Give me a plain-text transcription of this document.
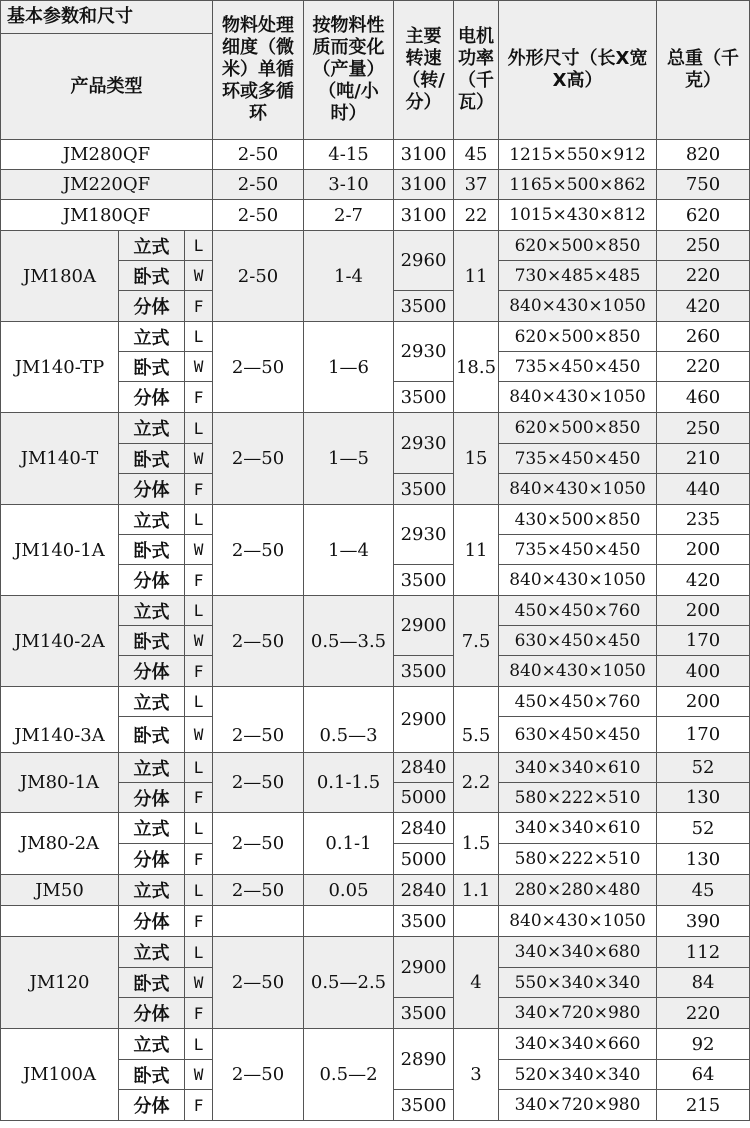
基本参数和尺寸			物料处理细度（微米）单循环或多循环	按物料性质而变化（产量）（吨/小时）	主要转速（转/分）	电机功率（千瓦）	外形尺寸（长X宽X高）	总重（千克）
产品类型								
JM280QF			2-50	4-15	3100	45	1215×550×912	820
JM220QF			2-50	3-10	3100	37	1165×500×862	750
JM180QF			2-50	2-7	3100	22	1015×430×812	620
JM180A	立式	L	2-50	1-4	2960	11	620×500×850	250
	卧式	W					730×485×485	220
	分体	F			3500		840×430×1050	420
JM140-TP	立式	L	2—50	1—6	2930	18.5	620×500×850	260
	卧式	W					735×450×450	220
	分体	F			3500		840×430×1050	460
JM140-T	立式	L	2—50	1—5	2930	15	620×500×850	250
	卧式	W					735×450×450	210
	分体	F			3500		840×430×1050	440
JM140-1A	立式	L	2—50	1—4	2930	11	430×500×850	235
	卧式	W					735×450×450	200
	分体	F			3500		840×430×1050	420
JM140-2A	立式	L	2—50	0.5—3.5	2900	7.5	450×450×760	200
	卧式	W					630×450×450	170
	分体	F			3500		840×430×1050	400
JM140-3A	立式	L	2—50	0.5—3	2900	5.5	450×450×760	200
	卧式	W					630×450×450	170
JM80-1A	立式	L	2—50	0.1-1.5	2840	2.2	340×340×610	52
	分体	F			5000		580×222×510	130
JM80-2A	立式	L	2—50	0.1-1	2840	1.5	340×340×610	52
	分体	F			5000		580×222×510	130
JM50	立式	L	2—50	0.05	2840	1.1	280×280×480	45
	分体	F			3500		840×430×1050	390
JM120	立式	L	2—50	0.5—2.5	2900	4	340×340×680	112
	卧式	W					550×340×340	84
	分体	F			3500		340×720×980	220
JM100A	立式	L	2—50	0.5—2	2890	3	340×340×660	92
	卧式	W					520×340×340	64
	分体	F			3500		340×720×980	215
